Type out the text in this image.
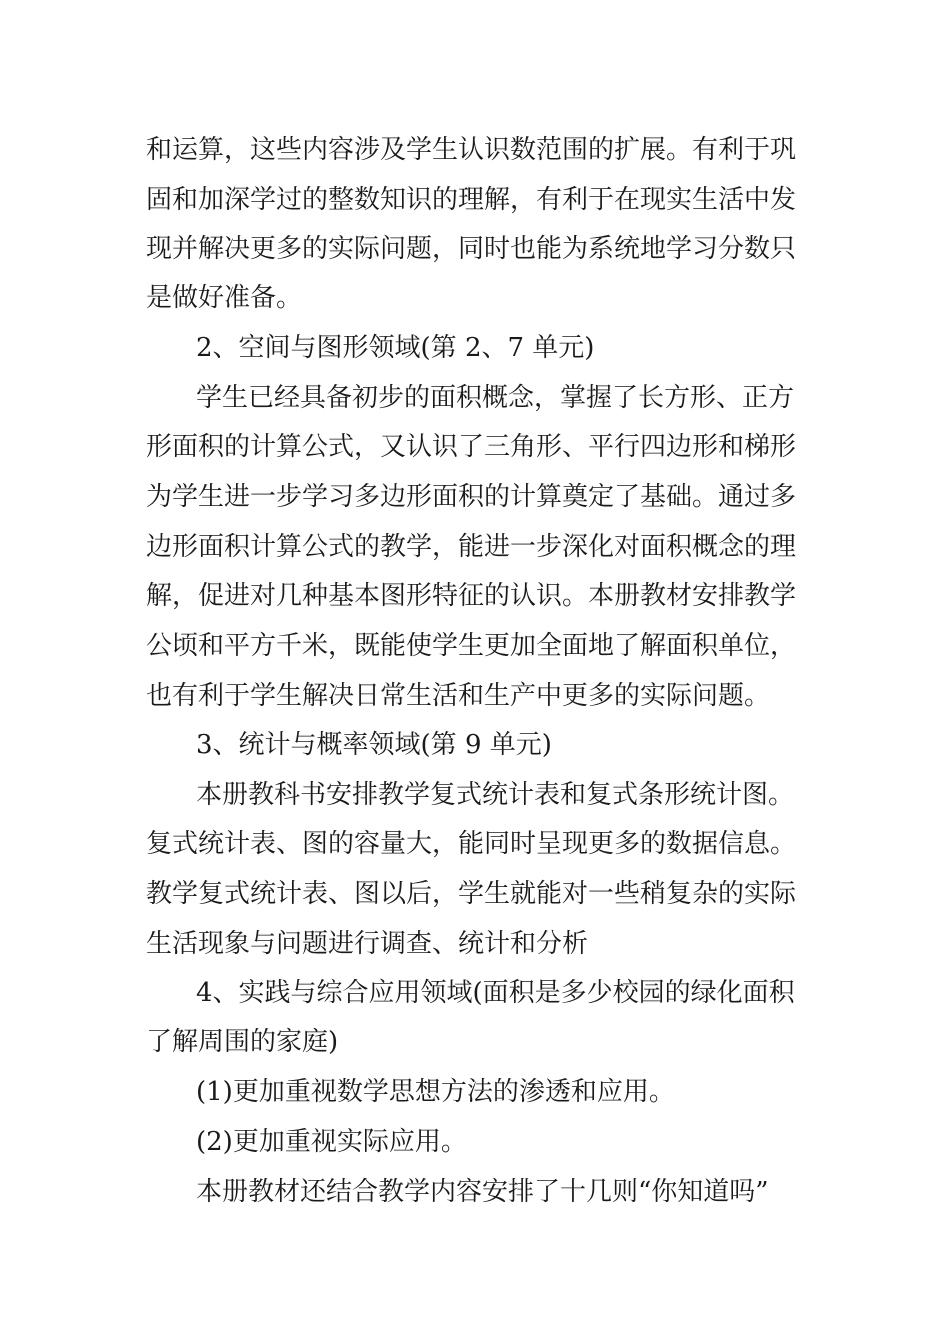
和运算，这些内容涉及学生认识数范围的扩展。有利于巩
固和加深学过的整数知识的理解，有利于在现实生活中发
现并解决更多的实际问题，同时也能为系统地学习分数只
是做好准备。
2、空间与图形领域(第 2、7 单元)
学生已经具备初步的面积概念，掌握了长方形、正方
形面积的计算公式，又认识了三角形、平行四边形和梯形
为学生进一步学习多边形面积的计算奠定了基础。通过多
边形面积计算公式的教学，能进一步深化对面积概念的理
解，促进对几种基本图形特征的认识。本册教材安排教学
公顷和平方千米，既能使学生更加全面地了解面积单位，
也有利于学生解决日常生活和生产中更多的实际问题。
3、统计与概率领域(第 9 单元)
本册教科书安排教学复式统计表和复式条形统计图。
复式统计表、图的容量大，能同时呈现更多的数据信息。
教学复式统计表、图以后，学生就能对一些稍复杂的实际
生活现象与问题进行调查、统计和分析
4、实践与综合应用领域(面积是多少校园的绿化面积
了解周围的家庭)
(1)更加重视数学思想方法的渗透和应用。
(2)更加重视实际应用。
本册教材还结合教学内容安排了十几则“你知道吗”
